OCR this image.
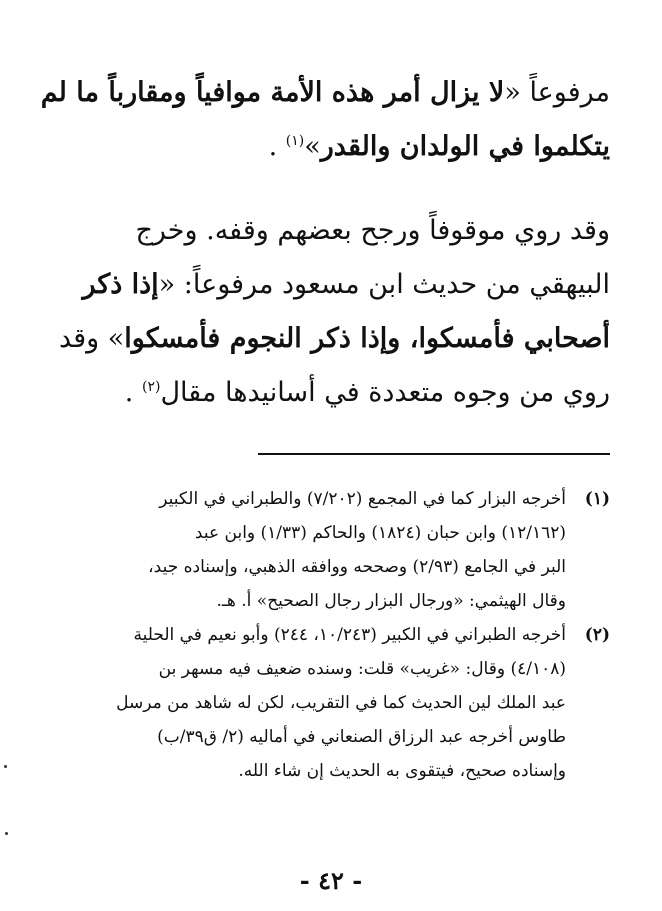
مرفوعاً «لا يزال أمر هذه الأمة موافياً ومقارباً ما لم
يتكلموا في الولدان والقدر»$^{(١)}$ .
وقد روي موقوفاً ورجح بعضهم وقفه. وخرج
البيهقي من حديث ابن مسعود مرفوعاً: «إذا ذكر
أصحابي فأمسكوا، وإذا ذكر النجوم فأمسكوا» وقد
روي من وجوه متعددة في أسانيدها مقال$^{(٢)}$ .
(١)
أخرجه البزار كما في المجمع (٧/٢٠٢) والطبراني في الكبير
(١٢/١٦٢) وابن حبان (١٨٢٤) والحاكم (١/٣٣) وابن عبد
البر في الجامع (٢/٩٣) وصححه ووافقه الذهبي، وإسناده جيد،
وقال الهيثمي: «ورجال البزار رجال الصحيح» أ. هـ.
(٢)
أخرجه الطبراني في الكبير (١٠/٢٤٣، ٢٤٤) وأبو نعيم في الحلية
(٤/١٠٨) وقال: «غريب» قلت: وسنده ضعيف فيه مسهر بن
عبد الملك لين الحديث كما في التقريب، لكن له شاهد من مرسل
طاوس أخرجه عبد الرزاق الصنعاني في أماليه (٢/ ق٣٩/ب)
وإسناده صحيح، فيتقوى به الحديث إن شاء الله.
- ٤٢ -
